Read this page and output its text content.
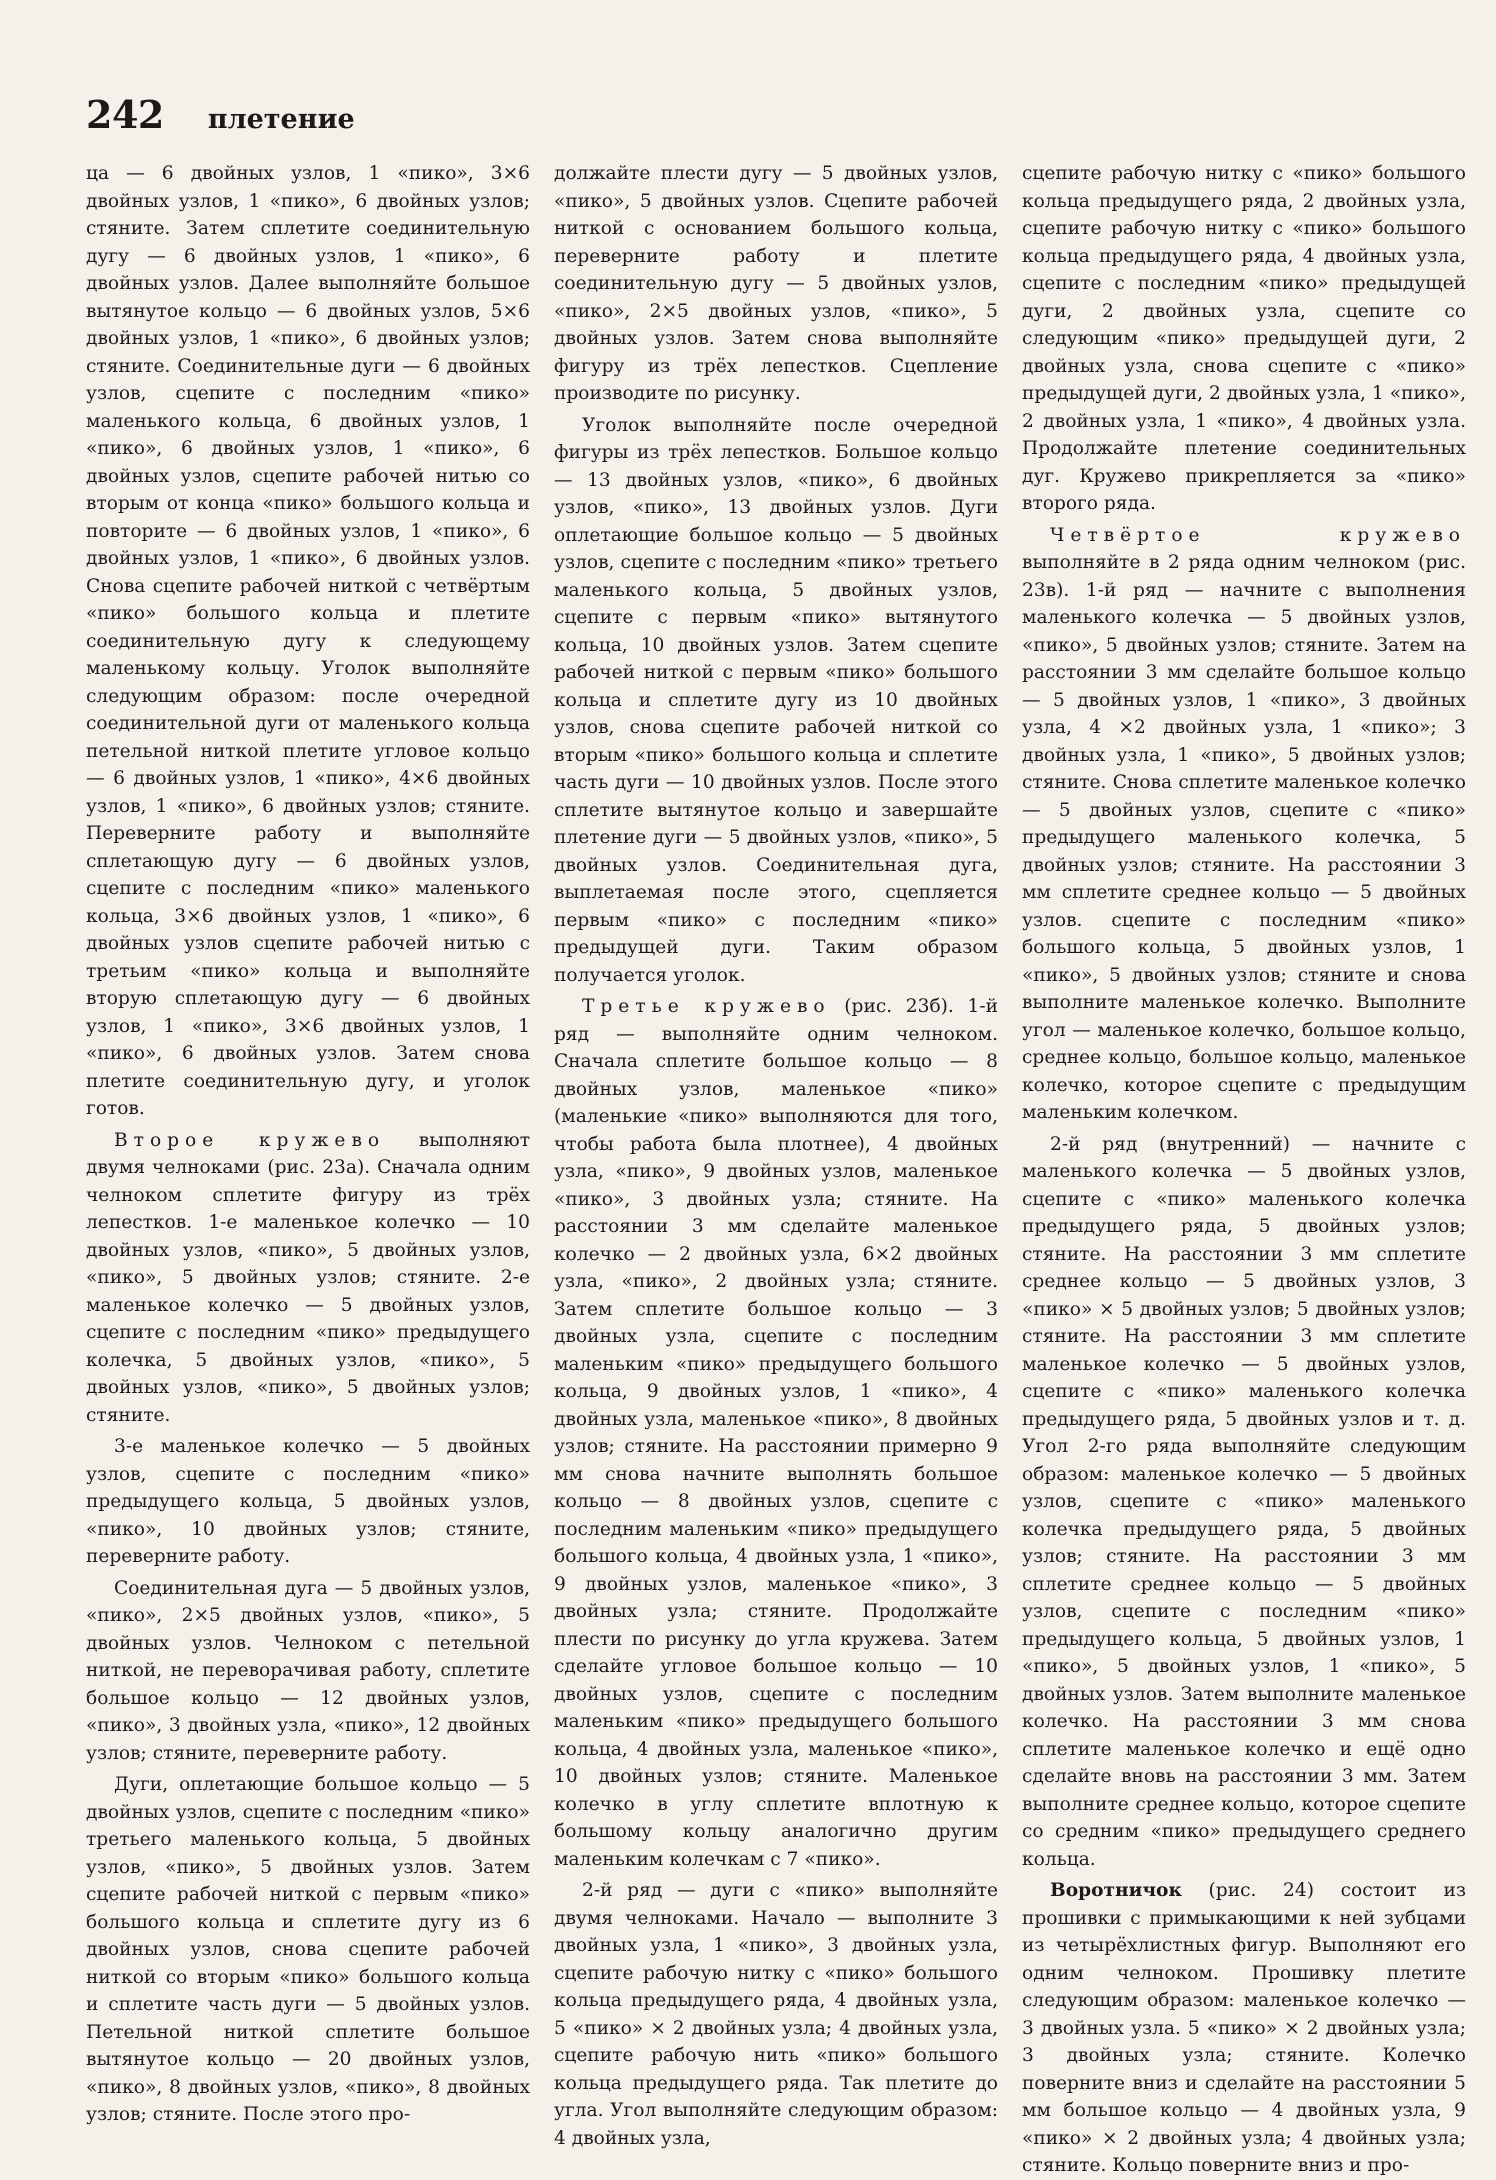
242 плетение

ца — 6 двойных узлов, 1 «пико», 3×6 двойных узлов, 1 «пико», 6 двойных узлов; стяните. Затем сплетите соединительную дугу — 6 двойных узлов, 1 «пико», 6 двойных узлов. Далее выполняйте большое вытянутое кольцо — 6 двойных узлов, 5×6 двойных узлов, 1 «пико», 6 двойных узлов; стяните. Соединительные дуги — 6 двойных узлов, сцепите с последним «пико» маленького кольца, 6 двойных узлов, 1 «пико», 6 двойных узлов, 1 «пико», 6 двойных узлов, сцепите рабочей нитью со вторым от конца «пико» большого кольца и повторите — 6 двойных узлов, 1 «пико», 6 двойных узлов, 1 «пико», 6 двойных узлов. Снова сцепите рабочей ниткой с четвёртым «пико» большого кольца и плетите соединительную дугу к следующему маленькому кольцу. Уголок выполняйте следующим образом: после очередной соединительной дуги от маленького кольца петельной ниткой плетите угловое кольцо — 6 двойных узлов, 1 «пико», 4×6 двойных узлов, 1 «пико», 6 двойных узлов; стяните. Переверните работу и выполняйте сплетающую дугу — 6 двойных узлов, сцепите с последним «пико» маленького кольца, 3×6 двойных узлов, 1 «пико», 6 двойных узлов сцепите рабочей нитью с третьим «пико» кольца и выполняйте вторую сплетающую дугу — 6 двойных узлов, 1 «пико», 3×6 двойных узлов, 1 «пико», 6 двойных узлов. Затем снова плетите соединительную дугу, и уголок готов.

Второе кружево выполняют двумя челноками (рис. 23а). Сначала одним челноком сплетите фигуру из трёх лепестков. 1-е маленькое колечко — 10 двойных узлов, «пико», 5 двойных узлов, «пико», 5 двойных узлов; стяните. 2-е маленькое колечко — 5 двойных узлов, сцепите с последним «пико» предыдущего колечка, 5 двойных узлов, «пико», 5 двойных узлов, «пико», 5 двойных узлов; стяните.

3-е маленькое колечко — 5 двойных узлов, сцепите с последним «пико» предыдущего кольца, 5 двойных узлов, «пико», 10 двойных узлов; стяните, переверните работу.

Соединительная дуга — 5 двойных узлов, «пико», 2×5 двойных узлов, «пико», 5 двойных узлов. Челноком с петельной ниткой, не переворачивая работу, сплетите большое кольцо — 12 двойных узлов, «пико», 3 двойных узла, «пико», 12 двойных узлов; стяните, переверните работу.

Дуги, оплетающие большое кольцо — 5 двойных узлов, сцепите с последним «пико» третьего маленького кольца, 5 двойных узлов, «пико», 5 двойных узлов. Затем сцепите рабочей ниткой с первым «пико» большого кольца и сплетите дугу из 6 двойных узлов, снова сцепите рабочей ниткой со вторым «пико» большого кольца и сплетите часть дуги — 5 двойных узлов. Петельной ниткой сплетите большое вытянутое кольцо — 20 двойных узлов, «пико», 8 двойных узлов, «пико», 8 двойных узлов; стяните. После этого про-

должайте плести дугу — 5 двойных узлов, «пико», 5 двойных узлов. Сцепите рабочей ниткой с основанием большого кольца, переверните работу и плетите соединительную дугу — 5 двойных узлов, «пико», 2×5 двойных узлов, «пико», 5 двойных узлов. Затем снова выполняйте фигуру из трёх лепестков. Сцепление производите по рисунку.

Уголок выполняйте после очередной фигуры из трёх лепестков. Большое кольцо — 13 двойных узлов, «пико», 6 двойных узлов, «пико», 13 двойных узлов. Дуги оплетающие большое кольцо — 5 двойных узлов, сцепите с последним «пико» третьего маленького кольца, 5 двойных узлов, сцепите с первым «пико» вытянутого кольца, 10 двойных узлов. Затем сцепите рабочей ниткой с первым «пико» большого кольца и сплетите дугу из 10 двойных узлов, снова сцепите рабочей ниткой со вторым «пико» большого кольца и сплетите часть дуги — 10 двойных узлов. После этого сплетите вытянутое кольцо и завершайте плетение дуги — 5 двойных узлов, «пико», 5 двойных узлов. Соединительная дуга, выплетаемая после этого, сцепляется первым «пико» с последним «пико» предыдущей дуги. Таким образом получается уголок.

Третье кружево (рис. 23б). 1-й ряд — выполняйте одним челноком. Сначала сплетите большое кольцо — 8 двойных узлов, маленькое «пико» (маленькие «пико» выполняются для того, чтобы работа была плотнее), 4 двойных узла, «пико», 9 двойных узлов, маленькое «пико», 3 двойных узла; стяните. На расстоянии 3 мм сделайте маленькое колечко — 2 двойных узла, 6×2 двойных узла, «пико», 2 двойных узла; стяните. Затем сплетите большое кольцо — 3 двойных узла, сцепите с последним маленьким «пико» предыдущего большого кольца, 9 двойных узлов, 1 «пико», 4 двойных узла, маленькое «пико», 8 двойных узлов; стяните. На расстоянии примерно 9 мм снова начните выполнять большое кольцо — 8 двойных узлов, сцепите с последним маленьким «пико» предыдущего большого кольца, 4 двойных узла, 1 «пико», 9 двойных узлов, маленькое «пико», 3 двойных узла; стяните. Продолжайте плести по рисунку до угла кружева. Затем сделайте угловое большое кольцо — 10 двойных узлов, сцепите с последним маленьким «пико» предыдущего большого кольца, 4 двойных узла, маленькое «пико», 10 двойных узлов; стяните. Маленькое колечко в углу сплетите вплотную к большому кольцу аналогично другим маленьким колечкам с 7 «пико».

2-й ряд — дуги с «пико» выполняйте двумя челноками. Начало — выполните 3 двойных узла, 1 «пико», 3 двойных узла, сцепите рабочую нитку с «пико» большого кольца предыдущего ряда, 4 двойных узла, 5 «пико» × 2 двойных узла; 4 двойных узла, сцепите рабочую нить «пико» большого кольца предыдущего ряда. Так плетите до угла. Угол выполняйте следующим образом: 4 двойных узла,

сцепите рабочую нитку с «пико» большого кольца предыдущего ряда, 2 двойных узла, сцепите рабочую нитку с «пико» большого кольца предыдущего ряда, 4 двойных узла, сцепите с последним «пико» предыдущей дуги, 2 двойных узла, сцепите со следующим «пико» предыдущей дуги, 2 двойных узла, снова сцепите с «пико» предыдущей дуги, 2 двойных узла, 1 «пико», 2 двойных узла, 1 «пико», 4 двойных узла. Продолжайте плетение соединительных дуг. Кружево прикрепляется за «пико» второго ряда.

Четвёртое кружево выполняйте в 2 ряда одним челноком (рис. 23в). 1-й ряд — начните с выполнения маленького колечка — 5 двойных узлов, «пико», 5 двойных узлов; стяните. Затем на расстоянии 3 мм сделайте большое кольцо — 5 двойных узлов, 1 «пико», 3 двойных узла, 4 ×2 двойных узла, 1 «пико»; 3 двойных узла, 1 «пико», 5 двойных узлов; стяните. Снова сплетите маленькое колечко — 5 двойных узлов, сцепите с «пико» предыдущего маленького колечка, 5 двойных узлов; стяните. На расстоянии 3 мм сплетите среднее кольцо — 5 двойных узлов. сцепите с последним «пико» большого кольца, 5 двойных узлов, 1 «пико», 5 двойных узлов; стяните и снова выполните маленькое колечко. Выполните угол — маленькое колечко, большое кольцо, среднее кольцо, большое кольцо, маленькое колечко, которое сцепите с предыдущим маленьким колечком.

2-й ряд (внутренний) — начните с маленького колечка — 5 двойных узлов, сцепите с «пико» маленького колечка предыдущего ряда, 5 двойных узлов; стяните. На расстоянии 3 мм сплетите среднее кольцо — 5 двойных узлов, 3 «пико» × 5 двойных узлов; 5 двойных узлов; стяните. На расстоянии 3 мм сплетите маленькое колечко — 5 двойных узлов, сцепите с «пико» маленького колечка предыдущего ряда, 5 двойных узлов и т. д. Угол 2-го ряда выполняйте следующим образом: маленькое колечко — 5 двойных узлов, сцепите с «пико» маленького колечка предыдущего ряда, 5 двойных узлов; стяните. На расстоянии 3 мм сплетите среднее кольцо — 5 двойных узлов, сцепите с последним «пико» предыдущего кольца, 5 двойных узлов, 1 «пико», 5 двойных узлов, 1 «пико», 5 двойных узлов. Затем выполните маленькое колечко. На расстоянии 3 мм снова сплетите маленькое колечко и ещё одно сделайте вновь на расстоянии 3 мм. Затем выполните среднее кольцо, которое сцепите со средним «пико» предыдущего среднего кольца.

Воротничок (рис. 24) состоит из прошивки с примыкающими к ней зубцами из четырёхлистных фигур. Выполняют его одним челноком. Прошивку плетите следующим образом: маленькое колечко — 3 двойных узла. 5 «пико» × 2 двойных узла; 3 двойных узла; стяните. Колечко поверните вниз и сделайте на расстоянии 5 мм большое кольцо — 4 двойных узла, 9 «пико» × 2 двойных узла; 4 двойных узла; стяните. Кольцо поверните вниз и про-
